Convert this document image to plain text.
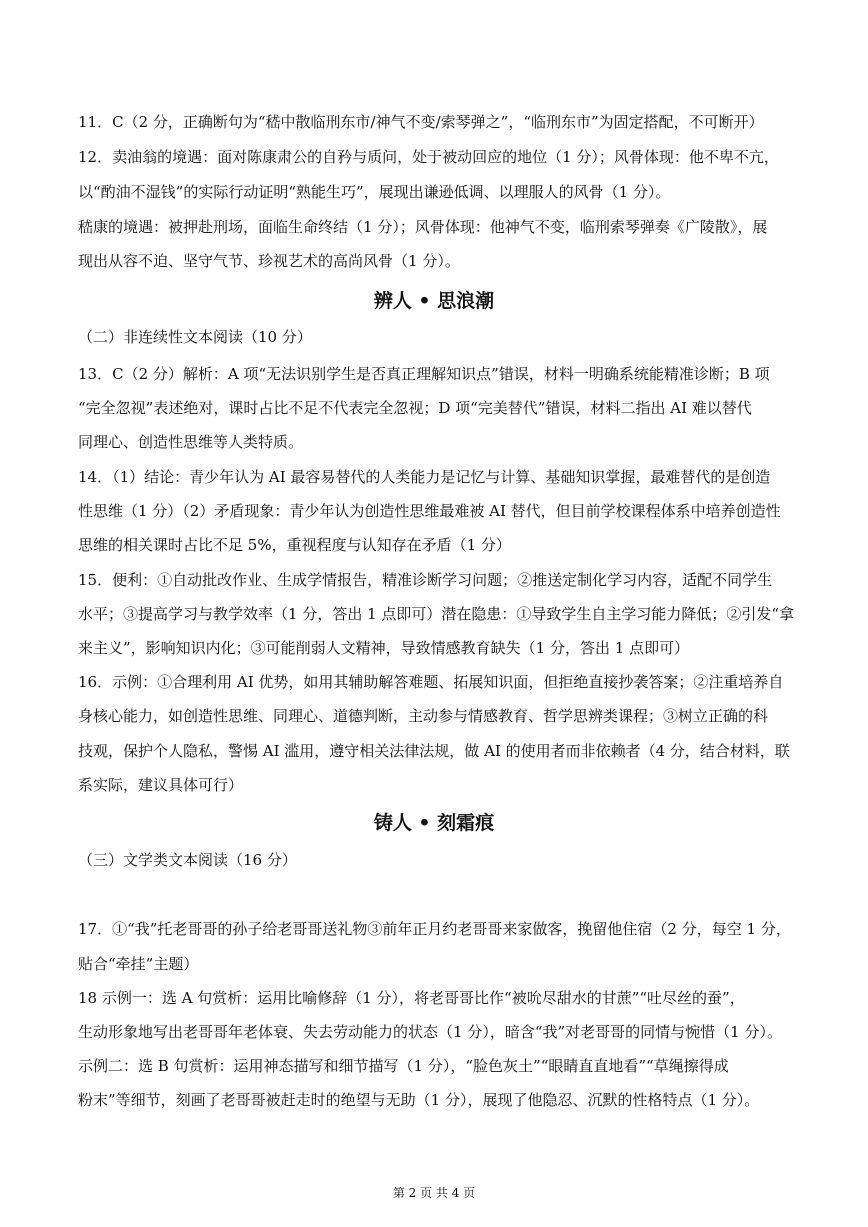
11．C（2 分，正确断句为“嵇中散临刑东市/神气不变/索琴弹之”，“临刑东市”为固定搭配，不可断开）
12．卖油翁的境遇：面对陈康肃公的自矜与质问，处于被动回应的地位（1 分）；风骨体现：他不卑不亢，
以“酌油不湿钱”的实际行动证明“熟能生巧”，展现出谦逊低调、以理服人的风骨（1 分）。
嵇康的境遇：被押赴刑场，面临生命终结（1 分）；风骨体现：他神气不变，临刑索琴弹奏《广陵散》，展
现出从容不迫、坚守气节、珍视艺术的高尚风骨（1 分）。
辨人 • 思浪潮
（二）非连续性文本阅读（10 分）
13．C（2 分）解析：A 项“无法识别学生是否真正理解知识点”错误，材料一明确系统能精准诊断；B 项
“完全忽视”表述绝对，课时占比不足不代表完全忽视；D 项“完美替代”错误，材料二指出 AI 难以替代
同理心、创造性思维等人类特质。
14．（1）结论：青少年认为 AI 最容易替代的人类能力是记忆与计算、基础知识掌握，最难替代的是创造
性思维（1 分）（2）矛盾现象：青少年认为创造性思维最难被 AI 替代，但目前学校课程体系中培养创造性
思维的相关课时占比不足 5%，重视程度与认知存在矛盾（1 分）
15．便利：①自动批改作业、生成学情报告，精准诊断学习问题；②推送定制化学习内容，适配不同学生
水平；③提高学习与教学效率（1 分，答出 1 点即可）潜在隐患：①导致学生自主学习能力降低；②引发“拿
来主义”，影响知识内化；③可能削弱人文精神，导致情感教育缺失（1 分，答出 1 点即可）
16．示例：①合理利用 AI 优势，如用其辅助解答难题、拓展知识面，但拒绝直接抄袭答案；②注重培养自
身核心能力，如创造性思维、同理心、道德判断，主动参与情感教育、哲学思辨类课程；③树立正确的科
技观，保护个人隐私，警惕 AI 滥用，遵守相关法律法规，做 AI 的使用者而非依赖者（4 分，结合材料，联
系实际，建议具体可行）
铸人 • 刻霜痕
（三）文学类文本阅读（16 分）
17．①“我”托老哥哥的孙子给老哥哥送礼物③前年正月约老哥哥来家做客，挽留他住宿（2 分，每空 1 分，
贴合“牵挂”主题）
18 示例一：选 A 句赏析：运用比喻修辞（1 分），将老哥哥比作“被吮尽甜水的甘蔗”“吐尽丝的蚕”，
生动形象地写出老哥哥年老体衰、失去劳动能力的状态（1 分），暗含“我”对老哥哥的同情与惋惜（1 分）。
示例二：选 B 句赏析：运用神态描写和细节描写（1 分），“脸色灰土”“眼睛直直地看”“草绳擦得成
粉末”等细节，刻画了老哥哥被赶走时的绝望与无助（1 分），展现了他隐忍、沉默的性格特点（1 分）。
第 2 页 共 4 页
